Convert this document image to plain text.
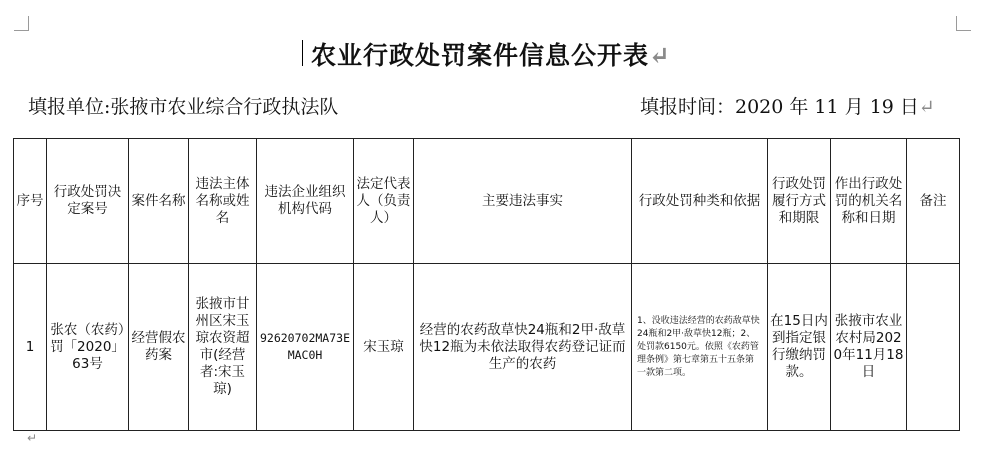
农业行政处罚案件信息公开表↵
填报单位:张掖市农业综合行政执法队	填报时间：2020 年 11 月 19 日↵
序号	行政处罚决定案号	案件名称	违法主体名称或姓名	违法企业组织机构代码	法定代表人（负责人）	主要违法事实	行政处罚种类和依据	行政处罚履行方式和期限	作出行政处罚的机关名称和日期	备注
1	张农（农药）罚「2020」63号	经营假农药案	张掖市甘州区宋玉琼农资超市(经营者:宋玉琼)	92620702MA73EMAC0H	宋玉琼	经营的农药敌草快24瓶和2甲·敌草快12瓶为未依法取得农药登记证而生产的农药	1、没收违法经营的农药敌草快24瓶和2甲·敌草快12瓶；2、处罚款6150元。依照《农药管理条例》第七章第五十五条第一款第二项。	在15日内到指定银行缴纳罚款。	张掖市农业农村局2020年11月18日	
↵
